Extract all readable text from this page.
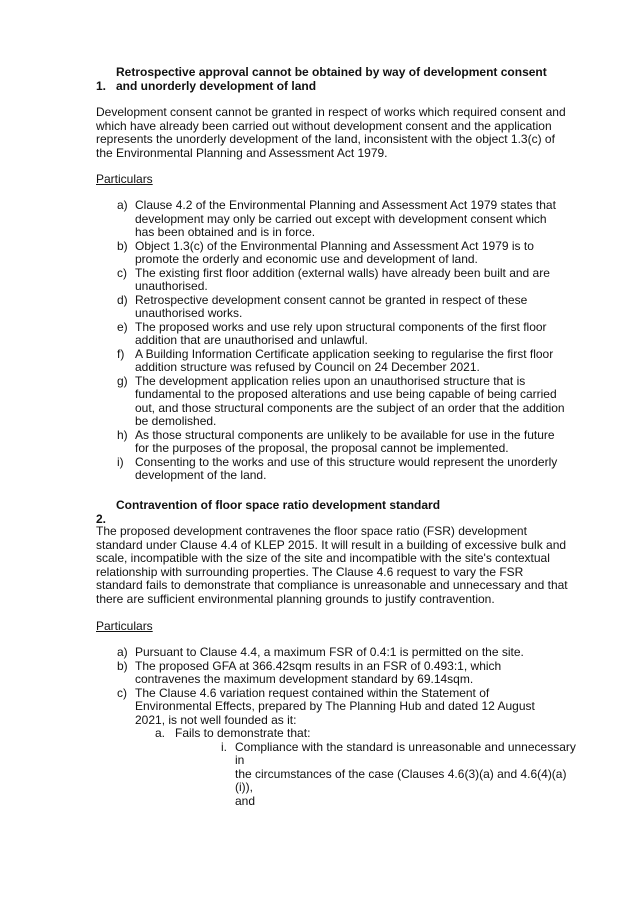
1.
Retrospective approval cannot be obtained by way of development consent
and unorderly development of land

Development consent cannot be granted in respect of works which required consent and
which have already been carried out without development consent and the application
represents the unorderly development of the land, inconsistent with the object 1.3(c) of
the Environmental Planning and Assessment Act 1979.
Particulars
a) Clause 4.2 of the Environmental Planning and Assessment Act 1979 states that
development may only be carried out except with development consent which
has been obtained and is in force.
b) Object 1.3(c) of the Environmental Planning and Assessment Act 1979 is to
promote the orderly and economic use and development of land.
c) The existing first floor addition (external walls) have already been built and are
unauthorised.
d) Retrospective development consent cannot be granted in respect of these
unauthorised works.
e) The proposed works and use rely upon structural components of the first floor
addition that are unauthorised and unlawful.
f) A Building Information Certificate application seeking to regularise the first floor
addition structure was refused by Council on 24 December 2021.
g) The development application relies upon an unauthorised structure that is
fundamental to the proposed alterations and use being capable of being carried
out, and those structural components are the subject of an order that the addition
be demolished.
h) As those structural components are unlikely to be available for use in the future
for the purposes of the proposal, the proposal cannot be implemented.
i) Consenting to the works and use of this structure would represent the unorderly
development of the land.

2.
Contravention of floor space ratio development standard

The proposed development contravenes the floor space ratio (FSR) development
standard under Clause 4.4 of KLEP 2015. It will result in a building of excessive bulk and
scale, incompatible with the size of the site and incompatible with the site's contextual
relationship with surrounding properties. The Clause 4.6 request to vary the FSR
standard fails to demonstrate that compliance is unreasonable and unnecessary and that
there are sufficient environmental planning grounds to justify contravention.
Particulars
a) Pursuant to Clause 4.4, a maximum FSR of 0.4:1 is permitted on the site.
b) The proposed GFA at 366.42sqm results in an FSR of 0.493:1, which
contravenes the maximum development standard by 69.14sqm.
c) The Clause 4.6 variation request contained within the Statement of
Environmental Effects, prepared by The Planning Hub and dated 12 August
2021, is not well founded as it:
a. Fails to demonstrate that:
i. Compliance with the standard is unreasonable and unnecessary in
the circumstances of the case (Clauses 4.6(3)(a) and 4.6(4)(a)(i)),
and
